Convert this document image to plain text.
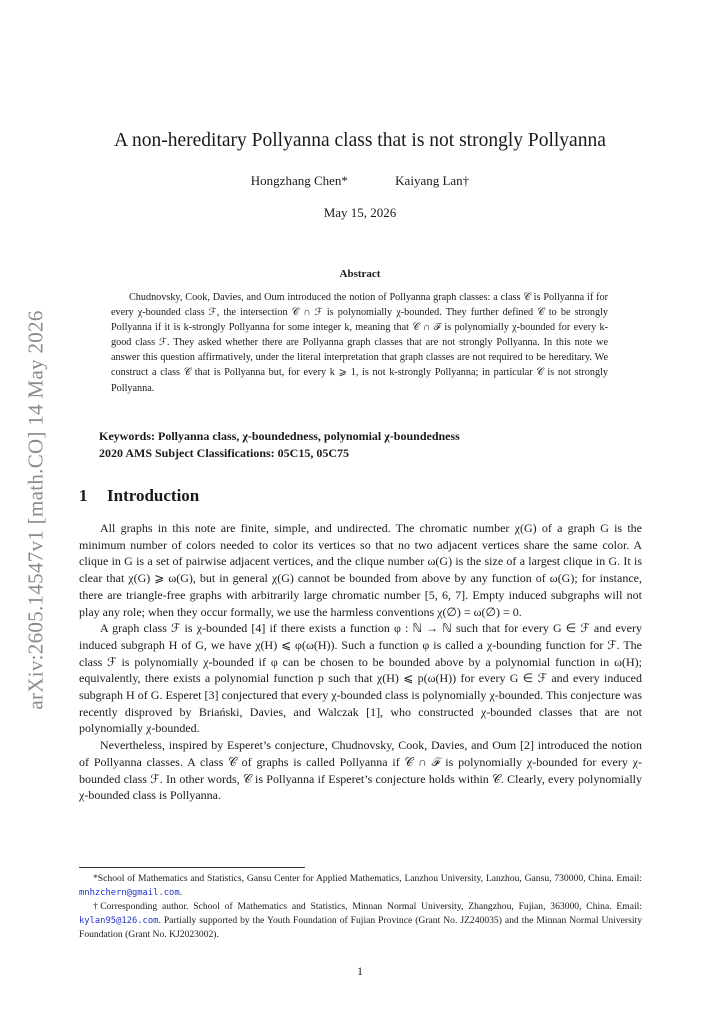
arXiv:2605.14547v1 [math.CO] 14 May 2026
A non-hereditary Pollyanna class that is not strongly Pollyanna
Hongzhang Chen*	Kaiyang Lan†
May 15, 2026
Abstract

Chudnovsky, Cook, Davies, and Oum introduced the notion of Pollyanna graph classes: a class 𝒞 is Pollyanna if for every χ-bounded class ℱ, the intersection 𝒞 ∩ ℱ is polynomially χ-bounded. They further defined 𝒞 to be strongly Pollyanna if it is k-strongly Pollyanna for some integer k, meaning that 𝒞 ∩ ℱ is polynomially χ-bounded for every k-good class ℱ. They asked whether there are Pollyanna graph classes that are not strongly Pollyanna. In this note we answer this question affirmatively, under the literal interpretation that graph classes are not required to be hereditary. We construct a class 𝒞 that is Pollyanna but, for every k ⩾ 1, is not k-strongly Pollyanna; in particular 𝒞 is not strongly Pollyanna.

Keywords: Pollyanna class, χ-boundedness, polynomial χ-boundedness
2020 AMS Subject Classifications: 05C15, 05C75
1 Introduction

All graphs in this note are finite, simple, and undirected. The chromatic number χ(G) of a graph G is the minimum number of colors needed to color its vertices so that no two adjacent vertices share the same color. A clique in G is a set of pairwise adjacent vertices, and the clique number ω(G) is the size of a largest clique in G. It is clear that χ(G) ⩾ ω(G), but in general χ(G) cannot be bounded from above by any function of ω(G); for instance, there are triangle-free graphs with arbitrarily large chromatic number [5, 6, 7]. Empty induced subgraphs will not play any role; when they occur formally, we use the harmless conventions χ(∅) = ω(∅) = 0.

A graph class ℱ is χ-bounded [4] if there exists a function φ : ℕ → ℕ such that for every G ∈ ℱ and every induced subgraph H of G, we have χ(H) ⩽ φ(ω(H)). Such a function φ is called a χ-bounding function for ℱ. The class ℱ is polynomially χ-bounded if φ can be chosen to be bounded above by a polynomial function in ω(H); equivalently, there exists a polynomial function p such that χ(H) ⩽ p(ω(H)) for every G ∈ ℱ and every induced subgraph H of G. Esperet [3] conjectured that every χ-bounded class is polynomially χ-bounded. This conjecture was recently disproved by Briański, Davies, and Walczak [1], who constructed χ-bounded classes that are not polynomially χ-bounded.

Nevertheless, inspired by Esperet’s conjecture, Chudnovsky, Cook, Davies, and Oum [2] introduced the notion of Pollyanna classes. A class 𝒞 of graphs is called Pollyanna if 𝒞 ∩ ℱ is polynomially χ-bounded for every χ-bounded class ℱ. In other words, 𝒞 is Pollyanna if Esperet’s conjecture holds within 𝒞. Clearly, every polynomially χ-bounded class is Pollyanna.

*School of Mathematics and Statistics, Gansu Center for Applied Mathematics, Lanzhou University, Lanzhou, Gansu, 730000, China. Email: mnhzchern@gmail.com.

†Corresponding author. School of Mathematics and Statistics, Minnan Normal University, Zhangzhou, Fujian, 363000, China. Email: kylan95@126.com. Partially supported by the Youth Foundation of Fujian Province (Grant No. JZ240035) and the Minnan Normal University Foundation (Grant No. KJ2023002).

1
